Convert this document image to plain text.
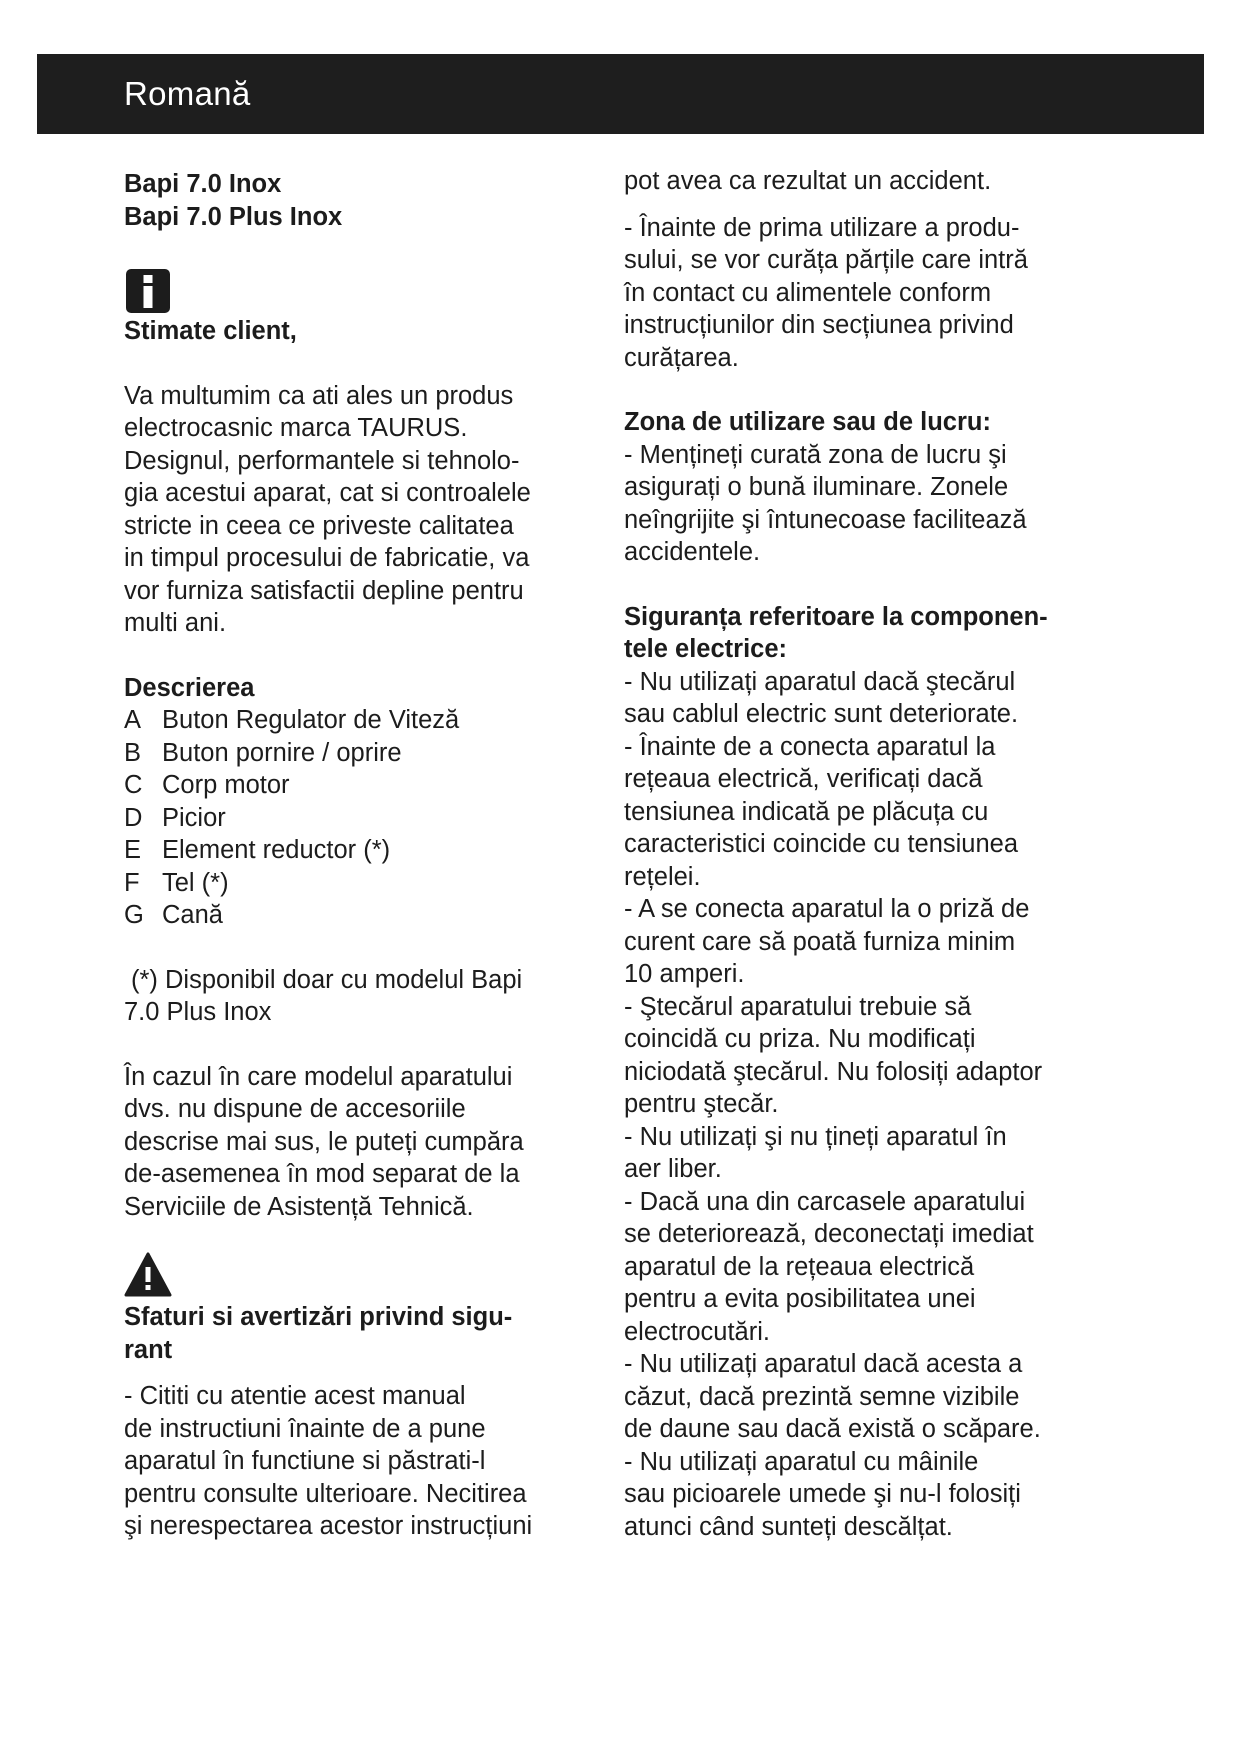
Romană
Bapi 7.0 Inox
Bapi 7.0 Plus Inox
Stimate client,
Va multumim ca ati ales un produs
electrocasnic marca TAURUS.
Designul, performantele si tehnolo-
gia acestui aparat, cat si controalele
stricte in ceea ce priveste calitatea
in timpul procesului de fabricatie, va
vor furniza satisfactii depline pentru
multi ani.
Descrierea
A Buton Regulator de Viteză
B Buton pornire / oprire
C Corp motor
D Picior
E Element reductor (*)
F Tel (*)
G Cană
(*) Disponibil doar cu modelul Bapi
7.0 Plus Inox
În cazul în care modelul aparatului
dvs. nu dispune de accesoriile
descrise mai sus, le puteți cumpăra
de-asemenea în mod separat de la
Serviciile de Asistență Tehnică.
Sfaturi si avertizări privind sigu-
rant
- Cititi cu atentie acest manual
de instructiuni înainte de a pune
aparatul în functiune si păstrati-l
pentru consulte ulterioare. Necitirea
şi nerespectarea acestor instrucțiuni
pot avea ca rezultat un accident.
- Înainte de prima utilizare a produ-
sului, se vor curăța părțile care intră
în contact cu alimentele conform
instrucțiunilor din secțiunea privind
curățarea.
Zona de utilizare sau de lucru:
- Mențineți curată zona de lucru şi
asigurați o bună iluminare. Zonele
neîngrijite şi întunecoase facilitează
accidentele.
Siguranța referitoare la componen-
tele electrice:
- Nu utilizați aparatul dacă ştecărul
sau cablul electric sunt deteriorate.
- Înainte de a conecta aparatul la
rețeaua electrică, verificați dacă
tensiunea indicată pe plăcuța cu
caracteristici coincide cu tensiunea
rețelei.
- A se conecta aparatul la o priză de
curent care să poată furniza minim
10 amperi.
- Ştecărul aparatului trebuie să
coincidă cu priza. Nu modificați
niciodată ştecărul. Nu folosiți adaptor
pentru ştecăr.
- Nu utilizați şi nu țineți aparatul în
aer liber.
- Dacă una din carcasele aparatului
se deteriorează, deconectați imediat
aparatul de la rețeaua electrică
pentru a evita posibilitatea unei
electrocutări.
- Nu utilizați aparatul dacă acesta a
căzut, dacă prezintă semne vizibile
de daune sau dacă există o scăpare.
- Nu utilizați aparatul cu mâinile
sau picioarele umede şi nu-l folosiți
atunci când sunteți descălțat.
